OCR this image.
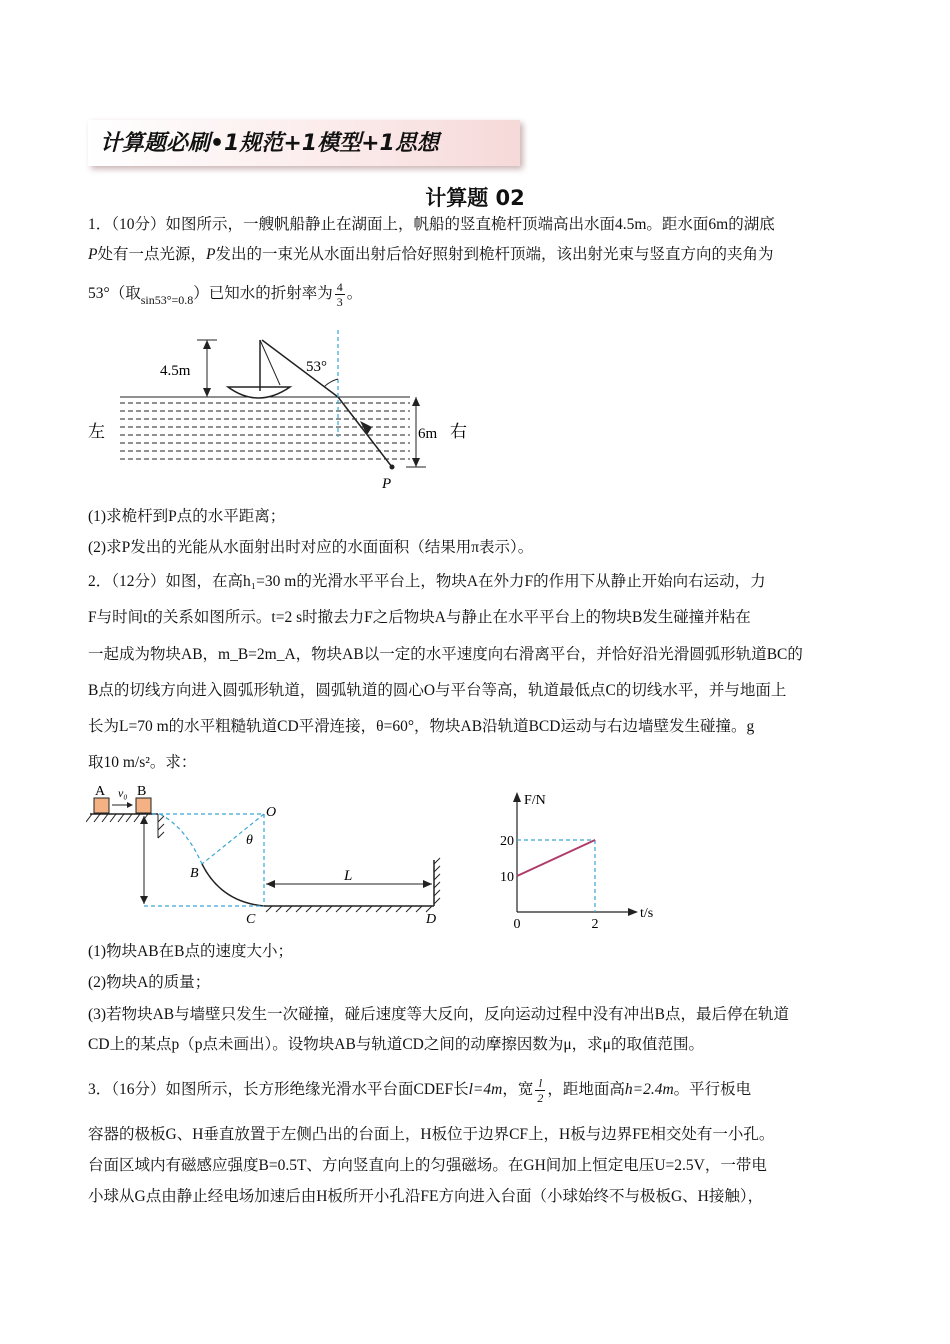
计算题必刷•1规范+1模型+1思想
计算题 02
1．（10分）如图所示，一艘帆船静止在湖面上，帆船的竖直桅杆顶端高出水面4.5m。距水面6m的湖底
P处有一点光源，P发出的一束光从水面出射后恰好照射到桅杆顶端，该出射光束与竖直方向的夹角为
53°（取$_{sin53^\circ=0.8}$）已知水的折射率为 $\frac{4}{3}$ 。
53°
4.5m
6m
左	右
P
(1)求桅杆到P点的水平距离；
(2)求P发出的光能从水面射出时对应的水面面积（结果用π表示）。
2．（12分）如图，在高h₁=30 m的光滑水平平台上，物块A在外力F的作用下从静止开始向右运动，力
F与时间t的关系如图所示。t=2 s时撤去力F之后物块A与静止在水平平台上的物块B发生碰撞并粘在
一起成为物块AB，m_B=2m_A，物块AB以一定的水平速度向右滑离平台，并恰好沿光滑圆弧形轨道BC的
B点的切线方向进入圆弧形轨道，圆弧轨道的圆心O与平台等高，轨道最低点C的切线水平，并与地面上
长为L=70 m的水平粗糙轨道CD平滑连接，θ=60°，物块AB沿轨道BCD运动与右边墙壁发生碰撞。g
取10 m/s²。求：
A B
v₀
O
θ
B
C
L
D
F/N
t/s
20
10
0	2
(1)物块AB在B点的速度大小；
(2)物块A的质量；
(3)若物块AB与墙壁只发生一次碰撞，碰后速度等大反向，反向运动过程中没有冲出B点，最后停在轨道
CD上的某点p（p点未画出）。设物块AB与轨道CD之间的动摩擦因数为μ，求μ的取值范围。
3．（16分）如图所示，长方形绝缘光滑水平台面CDEF长l=4m，宽 $\frac{l}{2}$ ，距地面高h=2.4m。平行板电
容器的极板G、H垂直放置于左侧凸出的台面上，H板位于边界CF上，H板与边界FE相交处有一小孔。
台面区域内有磁感应强度B=0.5T、方向竖直向上的匀强磁场。在GH间加上恒定电压U=2.5V，一带电
小球从G点由静止经电场加速后由H板所开小孔沿FE方向进入台面（小球始终不与极板G、H接触），
